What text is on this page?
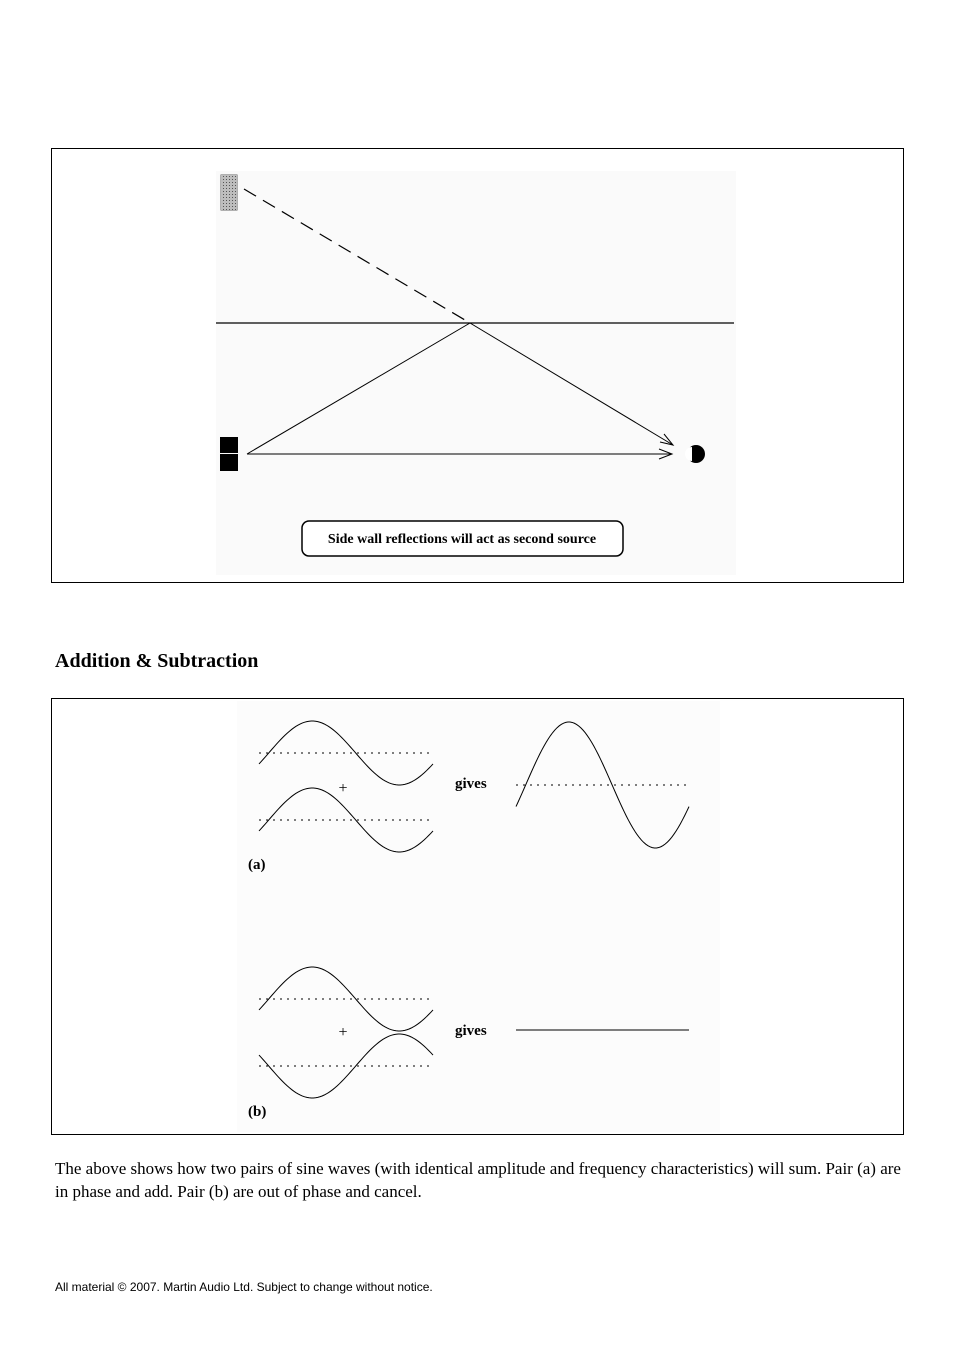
Side wall reflections will act as second source
Addition & Subtraction
+	gives
(a)
+	gives
(b)

The above shows how two pairs of sine waves (with identical amplitude and frequency characteristics) will sum. Pair (a) are in phase and add. Pair (b) are out of phase and cancel.

All material © 2007. Martin Audio Ltd. Subject to change without notice.
